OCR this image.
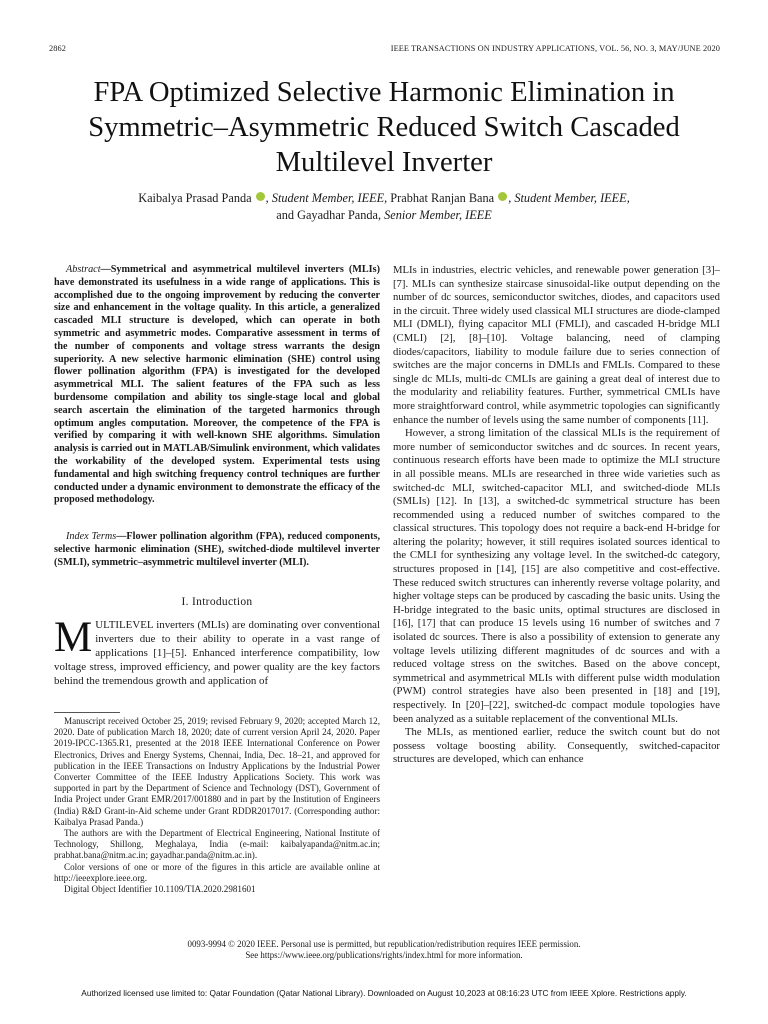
2862	IEEE TRANSACTIONS ON INDUSTRY APPLICATIONS, VOL. 56, NO. 3, MAY/JUNE 2020
FPA Optimized Selective Harmonic Elimination in Symmetric–Asymmetric Reduced Switch Cascaded Multilevel Inverter
Kaibalya Prasad Panda , Student Member, IEEE, Prabhat Ranjan Bana , Student Member, IEEE,
and Gayadhar Panda, Senior Member, IEEE

Abstract—Symmetrical and asymmetrical multilevel inverters (MLIs) have demonstrated its usefulness in a wide range of applications. This is accomplished due to the ongoing improvement by reducing the converter size and enhancement in the voltage quality. In this article, a generalized cascaded MLI structure is developed, which can operate in both symmetric and asymmetric modes. Comparative assessment in terms of the number of components and voltage stress warrants the design superiority. A new selective harmonic elimination (SHE) control using flower pollination algorithm (FPA) is investigated for the developed asymmetrical MLI. The salient features of the FPA such as less burdensome compilation and ability tos single-stage local and global search ascertain the elimination of the targeted harmonics through optimum angles computation. Moreover, the competence of the FPA is verified by comparing it with well-known SHE algorithms. Simulation analysis is carried out in MATLAB/Simulink environment, which validates the workability of the developed system. Experimental tests using fundamental and high switching frequency control techniques are further conducted under a dynamic environment to demonstrate the efficacy of the proposed methodology.

Index Terms—Flower pollination algorithm (FPA), reduced components, selective harmonic elimination (SHE), switched-diode multilevel inverter (SMLI), symmetric–asymmetric multilevel inverter (MLI).

I. Introduction

MULTILEVEL inverters (MLIs) are dominating over conventional inverters due to their ability to operate in a vast range of applications [1]–[5]. Enhanced interference compatibility, low voltage stress, improved efficiency, and power quality are the key factors behind the tremendous growth and application of

Manuscript received October 25, 2019; revised February 9, 2020; accepted March 12, 2020. Date of publication March 18, 2020; date of current version April 24, 2020. Paper 2019-IPCC-1365.R1, presented at the 2018 IEEE International Conference on Power Electronics, Drives and Energy Systems, Chennai, India, Dec. 18–21, and approved for publication in the IEEE Transactions on Industry Applications by the Industrial Power Converter Committee of the IEEE Industry Applications Society. This work was supported in part by the Department of Science and Technology (DST), Government of India Project under Grant EMR/2017/001880 and in part by the Institution of Engineers (India) R&D Grant-in-Aid scheme under Grant RDDR2017017. (Corresponding author: Kaibalya Prasad Panda.)

The authors are with the Department of Electrical Engineering, National Institute of Technology, Shillong, Meghalaya, India (e-mail: kaibalyapanda@nitm.ac.in; prabhat.bana@nitm.ac.in; gayadhar.panda@nitm.ac.in).

Color versions of one or more of the figures in this article are available online at http://ieeexplore.ieee.org.

Digital Object Identifier 10.1109/TIA.2020.2981601

MLIs in industries, electric vehicles, and renewable power generation [3]–[7]. MLIs can synthesize staircase sinusoidal-like output depending on the number of dc sources, semiconductor switches, diodes, and capacitors used in the circuit. Three widely used classical MLI structures are diode-clamped MLI (DMLI), flying capacitor MLI (FMLI), and cascaded H-bridge MLI (CMLI) [2], [8]–[10]. Voltage balancing, need of clamping diodes/capacitors, liability to module failure due to series connection of switches are the major concerns in DMLIs and FMLIs. Compared to these single dc MLIs, multi-dc CMLIs are gaining a great deal of interest due to the modularity and reliability features. Further, symmetrical CMLIs have more straightforward control, while asymmetric topologies can significantly enhance the number of levels using the same number of components [11].

However, a strong limitation of the classical MLIs is the requirement of more number of semiconductor switches and dc sources. In recent years, continuous research efforts have been made to optimize the MLI structure in all possible means. MLIs are researched in three wide varieties such as switched-dc MLI, switched-capacitor MLI, and switched-diode MLIs (SMLIs) [12]. In [13], a switched-dc symmetrical structure has been recommended using a reduced number of switches compared to the classical structures. This topology does not require a back-end H-bridge for altering the polarity; however, it still requires isolated sources identical to the CMLI for synthesizing any voltage level. In the switched-dc category, structures proposed in [14], [15] are also competitive and cost-effective. These reduced switch structures can inherently reverse voltage polarity, and higher voltage steps can be produced by cascading the basic units. Using the H-bridge integrated to the basic units, optimal structures are disclosed in [16], [17] that can produce 15 levels using 16 number of switches and 7 isolated dc sources. There is also a possibility of extension to generate any voltage levels utilizing different magnitudes of dc sources and with a reduced voltage stress on the switches. Based on the above concept, symmetrical and asymmetrical MLIs with different pulse width modulation (PWM) control strategies have also been presented in [18] and [19], respectively. In [20]–[22], switched-dc compact module topologies have been analyzed as a suitable replacement of the conventional MLIs.

The MLIs, as mentioned earlier, reduce the switch count but do not possess voltage boosting ability. Consequently, switched-capacitor structures are developed, which can enhance

0093-9994 © 2020 IEEE. Personal use is permitted, but republication/redistribution requires IEEE permission.
See https://www.ieee.org/publications/rights/index.html for more information.
Authorized licensed use limited to: Qatar Foundation (Qatar National Library). Downloaded on August 10,2023 at 08:16:23 UTC from IEEE Xplore. Restrictions apply.
